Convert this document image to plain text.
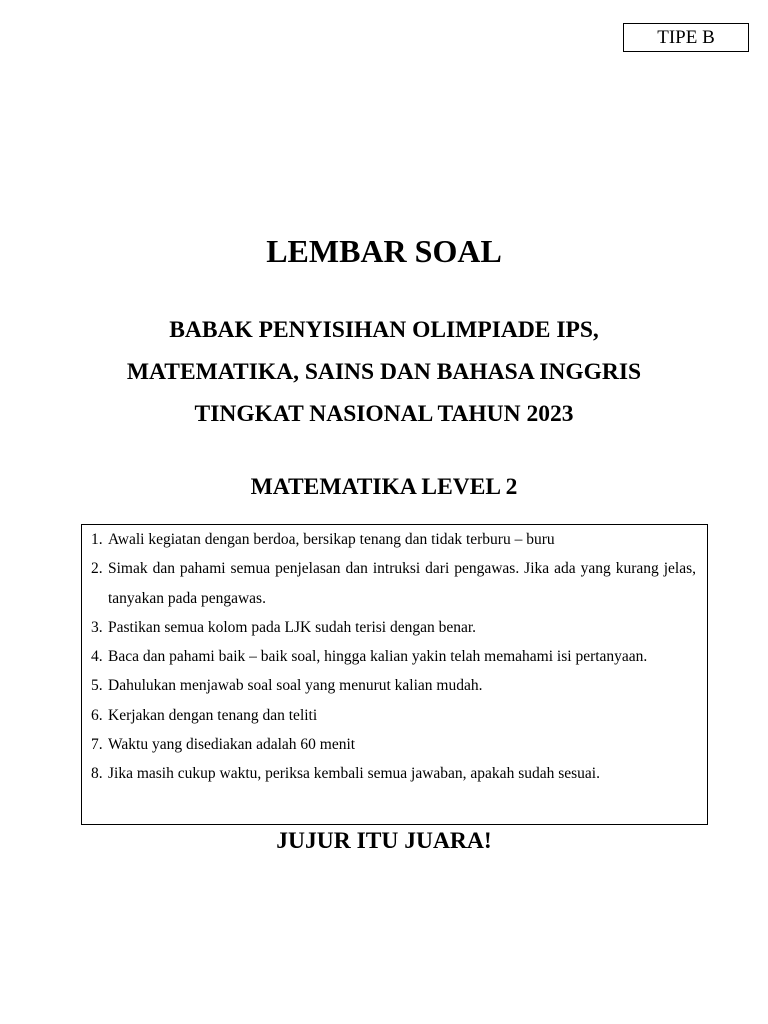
TIPE B
LEMBAR SOAL
BABAK PENYISIHAN OLIMPIADE IPS,
MATEMATIKA, SAINS DAN BAHASA INGGRIS
TINGKAT NASIONAL TAHUN 2023
MATEMATIKA LEVEL 2
1. Awali kegiatan dengan berdoa, bersikap tenang dan tidak terburu – buru
2. Simak dan pahami semua penjelasan dan intruksi dari pengawas. Jika ada yang kurang jelas, tanyakan pada pengawas.
3. Pastikan semua kolom pada LJK sudah terisi dengan benar.
4. Baca dan pahami baik – baik soal, hingga kalian yakin telah memahami isi pertanyaan.
5. Dahulukan menjawab soal soal yang menurut kalian mudah.
6. Kerjakan dengan tenang dan teliti
7. Waktu yang disediakan adalah 60 menit
8. Jika masih cukup waktu, periksa kembali semua jawaban, apakah sudah sesuai.
JUJUR ITU JUARA!
